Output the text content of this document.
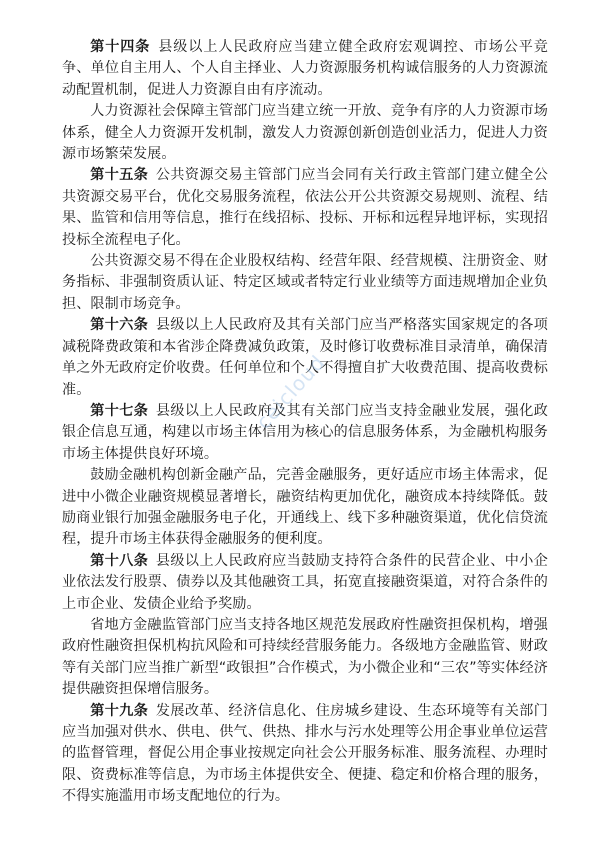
第十四条  县级以上人民政府应当建立健全政府宏观调控、市场公平竞争、单位自主用人、个人自主择业、人力资源服务机构诚信服务的人力资源流动配置机制，促进人力资源自由有序流动。

人力资源社会保障主管部门应当建立统一开放、竞争有序的人力资源市场体系，健全人力资源开发机制，激发人力资源创新创造创业活力，促进人力资源市场繁荣发展。

第十五条  公共资源交易主管部门应当会同有关行政主管部门建立健全公共资源交易平台，优化交易服务流程，依法公开公共资源交易规则、流程、结果、监管和信用等信息，推行在线招标、投标、开标和远程异地评标，实现招投标全流程电子化。

公共资源交易不得在企业股权结构、经营年限、经营规模、注册资金、财务指标、非强制资质认证、特定区域或者特定行业业绩等方面违规增加企业负担、限制市场竞争。

第十六条  县级以上人民政府及其有关部门应当严格落实国家规定的各项减税降费政策和本省涉企降费减负政策，及时修订收费标准目录清单，确保清单之外无政府定价收费。任何单位和个人不得擅自扩大收费范围、提高收费标准。

第十七条  县级以上人民政府及其有关部门应当支持金融业发展，强化政银企信息互通，构建以市场主体信用为核心的信息服务体系，为金融机构服务市场主体提供良好环境。

鼓励金融机构创新金融产品，完善金融服务，更好适应市场主体需求，促进中小微企业融资规模显著增长，融资结构更加优化，融资成本持续降低。鼓励商业银行加强金融服务电子化，开通线上、线下多种融资渠道，优化信贷流程，提升市场主体获得金融服务的便利度。

第十八条  县级以上人民政府应当鼓励支持符合条件的民营企业、中小企业依法发行股票、债券以及其他融资工具，拓宽直接融资渠道，对符合条件的上市企业、发债企业给予奖励。

省地方金融监管部门应当支持各地区规范发展政府性融资担保机构，增强政府性融资担保机构抗风险和可持续经营服务能力。各级地方金融监管、财政等有关部门应当推广新型“政银担”合作模式，为小微企业和“三农”等实体经济提供融资担保增信服务。

第十九条  发展改革、经济信息化、住房城乡建设、生态环境等有关部门应当加强对供水、供电、供气、供热、排水与污水处理等公用企事业单位运营的监督管理，督促公用企事业按规定向社会公开服务标准、服务流程、办理时限、资费标准等信息，为市场主体提供安全、便捷、稳定和价格合理的服务，不得实施滥用市场支配地位的行为。

ceicloud
